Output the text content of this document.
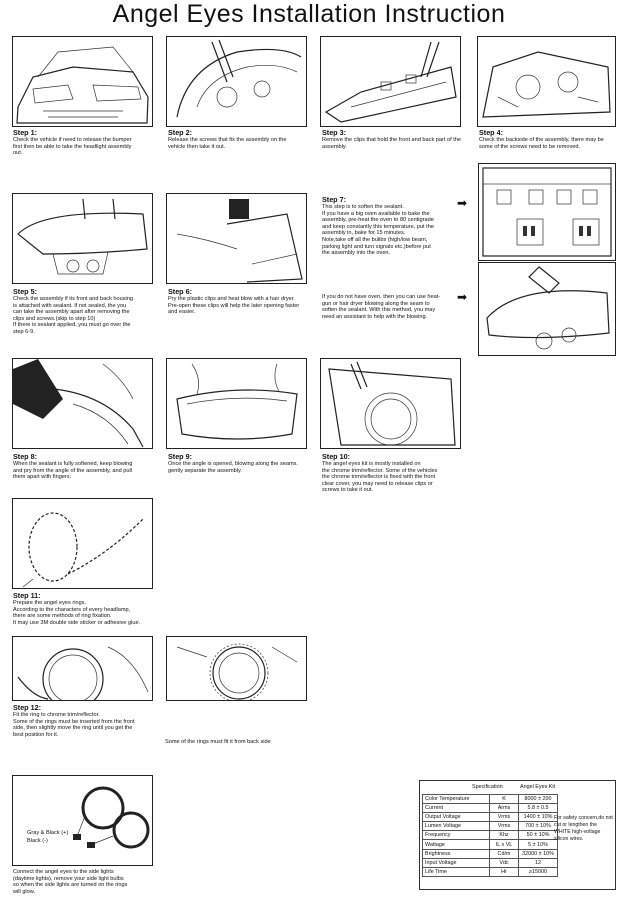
Angel Eyes Installation Instruction
Step 1:
Check the vehicle if need to release the bumper
first then be able to take the headlight assembly
out.
Step 2:
Release the screws that fix the assembly on the
vehicle then take it out.
Step 3:
Remove the clips that hold the front and back part of the
assembly.
Step 4:
Check the backside of the assembly, there may be
some of the screws need to be removed.
Step 7:
This step is to soften the sealant.
If you have a big oven available to bake the
assembly, pre-heat the oven to 80 centigrade
and keep constantly this temperature, put the
assembly in, bake for 15 minutes.
Note,take off all the bulibs (high/low beam,
parking light and turn signals etc.)before put
the assembly into the oven.
➡
➡
If you do not have oven, then you can use heat-
gun or hair dryer blowing along the seam to
soften the sealant. With this method, you may
need an assistant to help with the blowing.
Step 5:
Check the assembly if its front and back housing
is attached with sealant. If not sealed, the you
can take the assembly apart after removing the
clips and screws.(skip to step 10)
If there is sealant applied, you must go over the
step 6-9.
Step 6:
Pry the plastic clips and heat blow with a hair dryer.
Pre-open these clips will help the later opening faster
and easier.
Step 8:
When the sealant is fully softened, keep blowing
and pry from the angle of the assembly, and pull
them apart with fingers.
Step 9:
Once the angle is opened, blowing along the seams.
gently separate the assembly.
Step 10:
The angel eyes kit is mostly installed on
the chrome trim/reflector. Some of the vehicles
the chrome trim/reflector is fixed with the front
clear cover, you may need to release clips or
screws to take it out.
Step 11:
Prepare the angel eyes rings.
According to the characters of every headlamp,
there are some methods of ring fixation.
It may use 3M double side sticker or adhesive glue.
Step 12:
Fit the ring to chrome trim/reflector.
Some of the rings must be inserted from the front
side, then slightly move the ring until you get the
best position for it.
Some of the rings must fit it from back side
Gray & Black (+)
Black (-)
Connect the angel eyes to the side lights
(daytime lights), remove your side light bulbs
so when the side lights are turned on the rings
will glow.
Specification	Angel Eyes Kit
Color Temperature	K	8000 ± 200
Current	Arms	5.8 ± 0.5
Output Voltage	Vrms	1400 ± 10%
Lumen Voltage	Vrms	700 ± 10%
Frequency	Khz	50 ± 10%
Wattage	IL x VL	5 ± 10%
Brightness	Cd/m	32000 ± 10%
Input Voltage	Vdc	12
Life Time	Hr	≥15000
For safety concern,do not cut or lengthen the WHITE high-voltage silicon wires.
